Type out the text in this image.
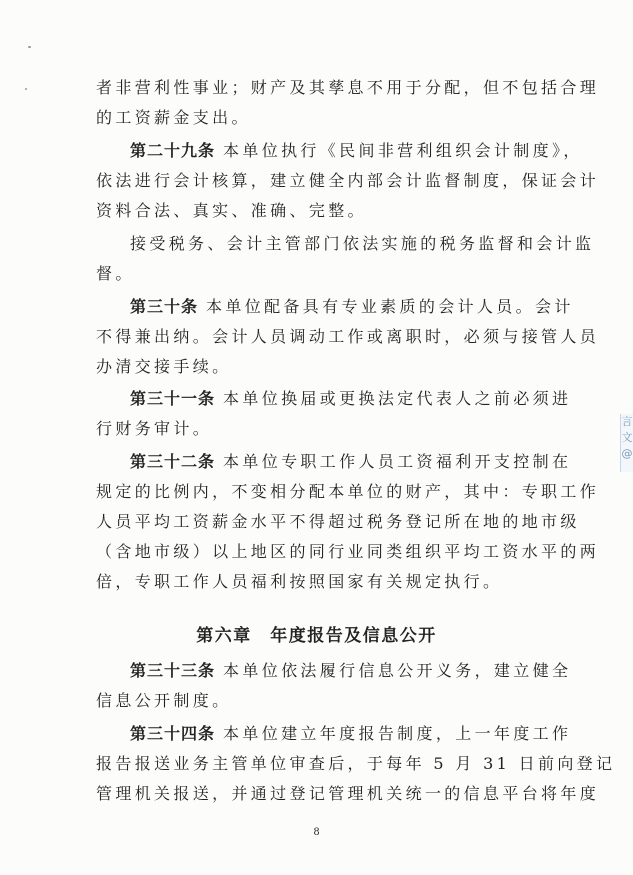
者非营利性事业；财产及其孳息不用于分配，但不包括合理
的工资薪金支出。
第二十九条 本单位执行《民间非营利组织会计制度》，
依法进行会计核算，建立健全内部会计监督制度，保证会计
资料合法、真实、准确、完整。
接受税务、会计主管部门依法实施的税务监督和会计监
督。
第三十条 本单位配备具有专业素质的会计人员。会计
不得兼出纳。会计人员调动工作或离职时，必须与接管人员
办清交接手续。
第三十一条 本单位换届或更换法定代表人之前必须进
行财务审计。
第三十二条 本单位专职工作人员工资福利开支控制在
规定的比例内，不变相分配本单位的财产，其中：专职工作
人员平均工资薪金水平不得超过税务登记所在地的地市级
（含地市级）以上地区的同行业同类组织平均工资水平的两
倍，专职工作人员福利按照国家有关规定执行。
第六章　年度报告及信息公开
第三十三条 本单位依法履行信息公开义务，建立健全
信息公开制度。
第三十四条 本单位建立年度报告制度，上一年度工作
报告报送业务主管单位审查后，于每年 5 月 31 日前向登记
管理机关报送，并通过登记管理机关统一的信息平台将年度
8
言
文
@
